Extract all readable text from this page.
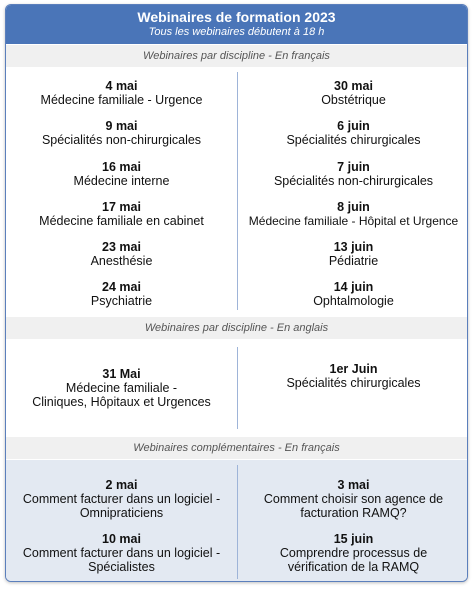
Webinaires de formation 2023
Tous les webinaires débutent à 18 h
Webinaires par discipline - En français
4 mai
Médecine familiale - Urgence
9 mai
Spécialités non-chirurgicales
16 mai
Médecine interne
17 mai
Médecine familiale en cabinet
23 mai
Anesthésie
24 mai
Psychiatrie
30 mai
Obstétrique
6 juin
Spécialités chirurgicales
7 juin
Spécialités non-chirurgicales
8 juin
Médecine familiale - Hôpital et Urgence
13 juin
Pédiatrie
14 juin
Ophtalmologie
Webinaires par discipline - En anglais
31 Mai
Médecine familiale -
Cliniques, Hôpitaux et Urgences
1er Juin
Spécialités chirurgicales
Webinaires complémentaires - En français
2 mai
Comment facturer dans un logiciel -
Omnipraticiens
10 mai
Comment facturer dans un logiciel -
Spécialistes
3 mai
Comment choisir son agence de
facturation RAMQ?
15 juin
Comprendre processus de
vérification de la RAMQ
